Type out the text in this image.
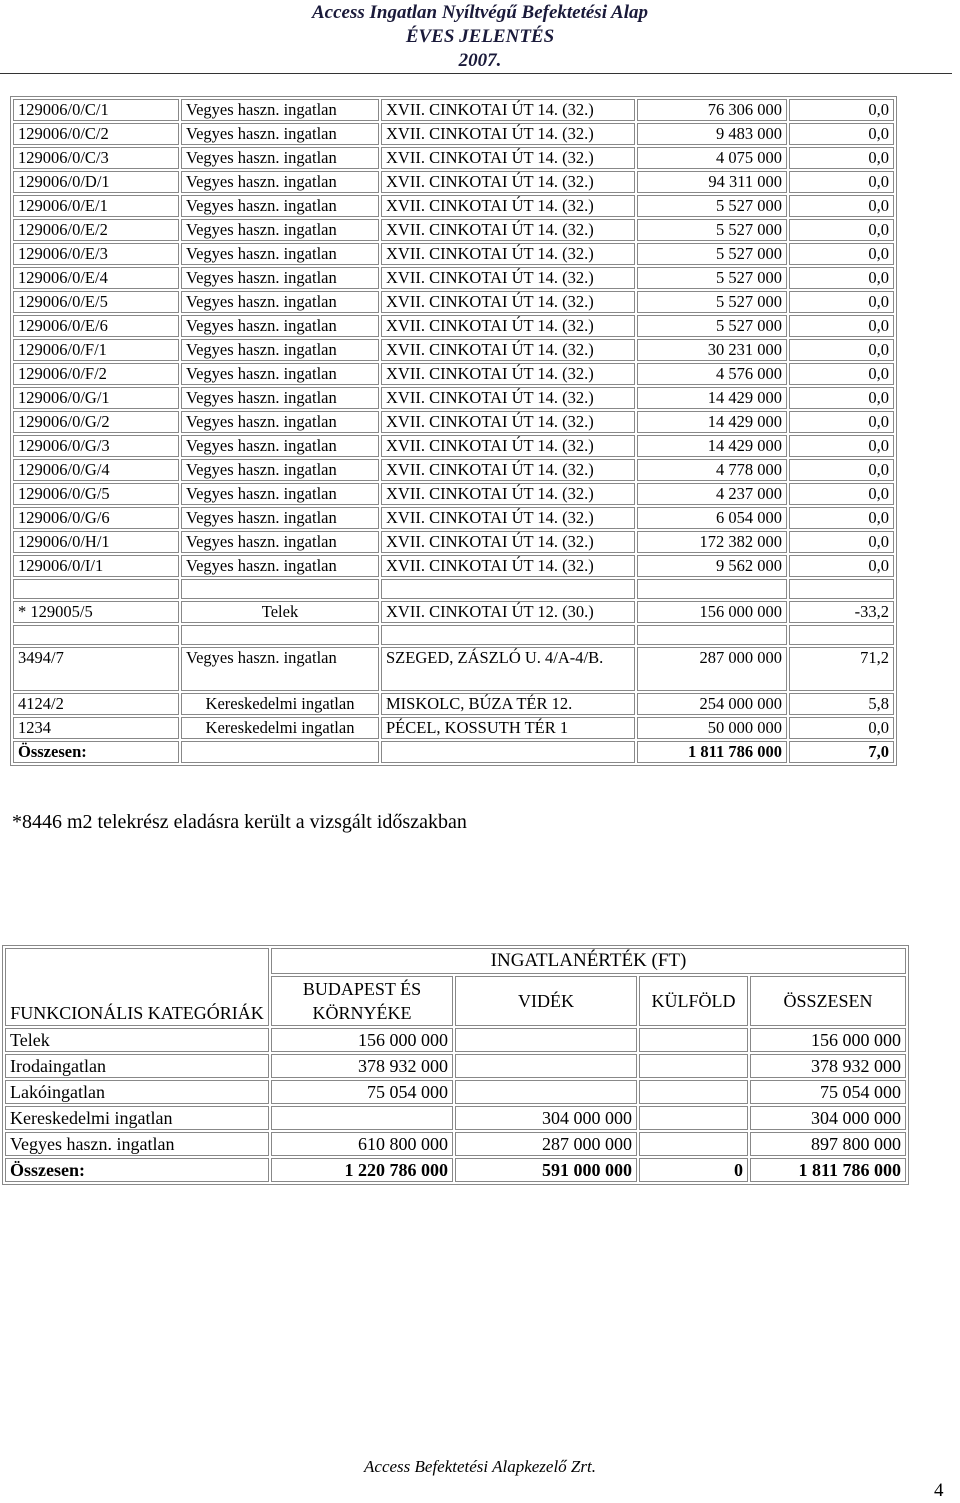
Access Ingatlan Nyíltvégű Befektetési Alap
ÉVES JELENTÉS
2007.
129006/0/C/1	Vegyes haszn. ingatlan	XVII. CINKOTAI ÚT 14. (32.)	76 306 000	0,0
129006/0/C/2	Vegyes haszn. ingatlan	XVII. CINKOTAI ÚT 14. (32.)	9 483 000	0,0
129006/0/C/3	Vegyes haszn. ingatlan	XVII. CINKOTAI ÚT 14. (32.)	4 075 000	0,0
129006/0/D/1	Vegyes haszn. ingatlan	XVII. CINKOTAI ÚT 14. (32.)	94 311 000	0,0
129006/0/E/1	Vegyes haszn. ingatlan	XVII. CINKOTAI ÚT 14. (32.)	5 527 000	0,0
129006/0/E/2	Vegyes haszn. ingatlan	XVII. CINKOTAI ÚT 14. (32.)	5 527 000	0,0
129006/0/E/3	Vegyes haszn. ingatlan	XVII. CINKOTAI ÚT 14. (32.)	5 527 000	0,0
129006/0/E/4	Vegyes haszn. ingatlan	XVII. CINKOTAI ÚT 14. (32.)	5 527 000	0,0
129006/0/E/5	Vegyes haszn. ingatlan	XVII. CINKOTAI ÚT 14. (32.)	5 527 000	0,0
129006/0/E/6	Vegyes haszn. ingatlan	XVII. CINKOTAI ÚT 14. (32.)	5 527 000	0,0
129006/0/F/1	Vegyes haszn. ingatlan	XVII. CINKOTAI ÚT 14. (32.)	30 231 000	0,0
129006/0/F/2	Vegyes haszn. ingatlan	XVII. CINKOTAI ÚT 14. (32.)	4 576 000	0,0
129006/0/G/1	Vegyes haszn. ingatlan	XVII. CINKOTAI ÚT 14. (32.)	14 429 000	0,0
129006/0/G/2	Vegyes haszn. ingatlan	XVII. CINKOTAI ÚT 14. (32.)	14 429 000	0,0
129006/0/G/3	Vegyes haszn. ingatlan	XVII. CINKOTAI ÚT 14. (32.)	14 429 000	0,0
129006/0/G/4	Vegyes haszn. ingatlan	XVII. CINKOTAI ÚT 14. (32.)	4 778 000	0,0
129006/0/G/5	Vegyes haszn. ingatlan	XVII. CINKOTAI ÚT 14. (32.)	4 237 000	0,0
129006/0/G/6	Vegyes haszn. ingatlan	XVII. CINKOTAI ÚT 14. (32.)	6 054 000	0,0
129006/0/H/1	Vegyes haszn. ingatlan	XVII. CINKOTAI ÚT 14. (32.)	172 382 000	0,0
129006/0/I/1	Vegyes haszn. ingatlan	XVII. CINKOTAI ÚT 14. (32.)	9 562 000	0,0

* 129005/5	Telek	XVII. CINKOTAI ÚT 12. (30.)	156 000 000	-33,2

3494/7	Vegyes haszn. ingatlan	SZEGED, ZÁSZLÓ U. 4/A-4/B.	287 000 000	71,2
4124/2	Kereskedelmi ingatlan	MISKOLC, BÚZA TÉR 12.	254 000 000	5,8
1234	Kereskedelmi ingatlan	PÉCEL, KOSSUTH TÉR 1	50 000 000	0,0
Összesen:			1 811 786 000	7,0
*8446 m2 telekrész eladásra került a vizsgált időszakban
FUNKCIONÁLIS KATEGÓRIÁK	INGATLANÉRTÉK (FT)			
	BUDAPEST ÉS KÖRNYÉKE	VIDÉK	KÜLFÖLD	ÖSSZESEN
Telek	156 000 000			156 000 000
Irodaingatlan	378 932 000			378 932 000
Lakóingatlan	75 054 000			75 054 000
Kereskedelmi ingatlan		304 000 000		304 000 000
Vegyes haszn. ingatlan	610 800 000	287 000 000		897 800 000
Összesen:	1 220 786 000	591 000 000	0	1 811 786 000
Access Befektetési Alapkezelő Zrt.
4
